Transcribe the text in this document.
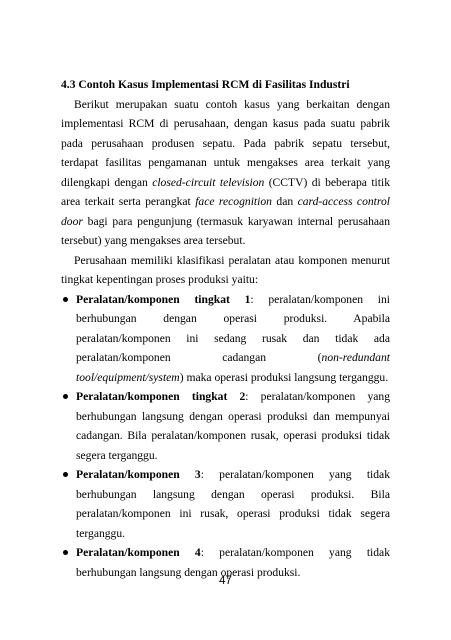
4.3 Contoh Kasus Implementasi RCM di Fasilitas Industri

Berikut merupakan suatu contoh kasus yang berkaitan dengan implementasi RCM di perusahaan, dengan kasus pada suatu pabrik pada perusahaan produsen sepatu. Pada pabrik sepatu tersebut, terdapat fasilitas pengamanan untuk mengakses area terkait yang dilengkapi dengan closed-circuit television (CCTV) di beberapa titik area terkait serta perangkat face recognition dan card-access control door bagi para pengunjung (termasuk karyawan internal perusahaan tersebut) yang mengakses area tersebut.

Perusahaan memiliki klasifikasi peralatan atau komponen menurut tingkat kepentingan proses produksi yaitu:

Peralatan/komponen tingkat 1: peralatan/komponen ini berhubungan dengan operasi produksi. Apabila peralatan/komponen ini sedang rusak dan tidak ada peralatan/komponen cadangan (non-redundant tool/equipment/system) maka operasi produksi langsung terganggu.
Peralatan/komponen tingkat 2: peralatan/komponen yang berhubungan langsung dengan operasi produksi dan mempunyai cadangan. Bila peralatan/komponen rusak, operasi produksi tidak segera terganggu.
Peralatan/komponen 3: peralatan/komponen yang tidak berhubungan langsung dengan operasi produksi. Bila peralatan/komponen ini rusak, operasi produksi tidak segera terganggu.
Peralatan/komponen 4: peralatan/komponen yang tidak berhubungan langsung dengan operasi produksi.
47
